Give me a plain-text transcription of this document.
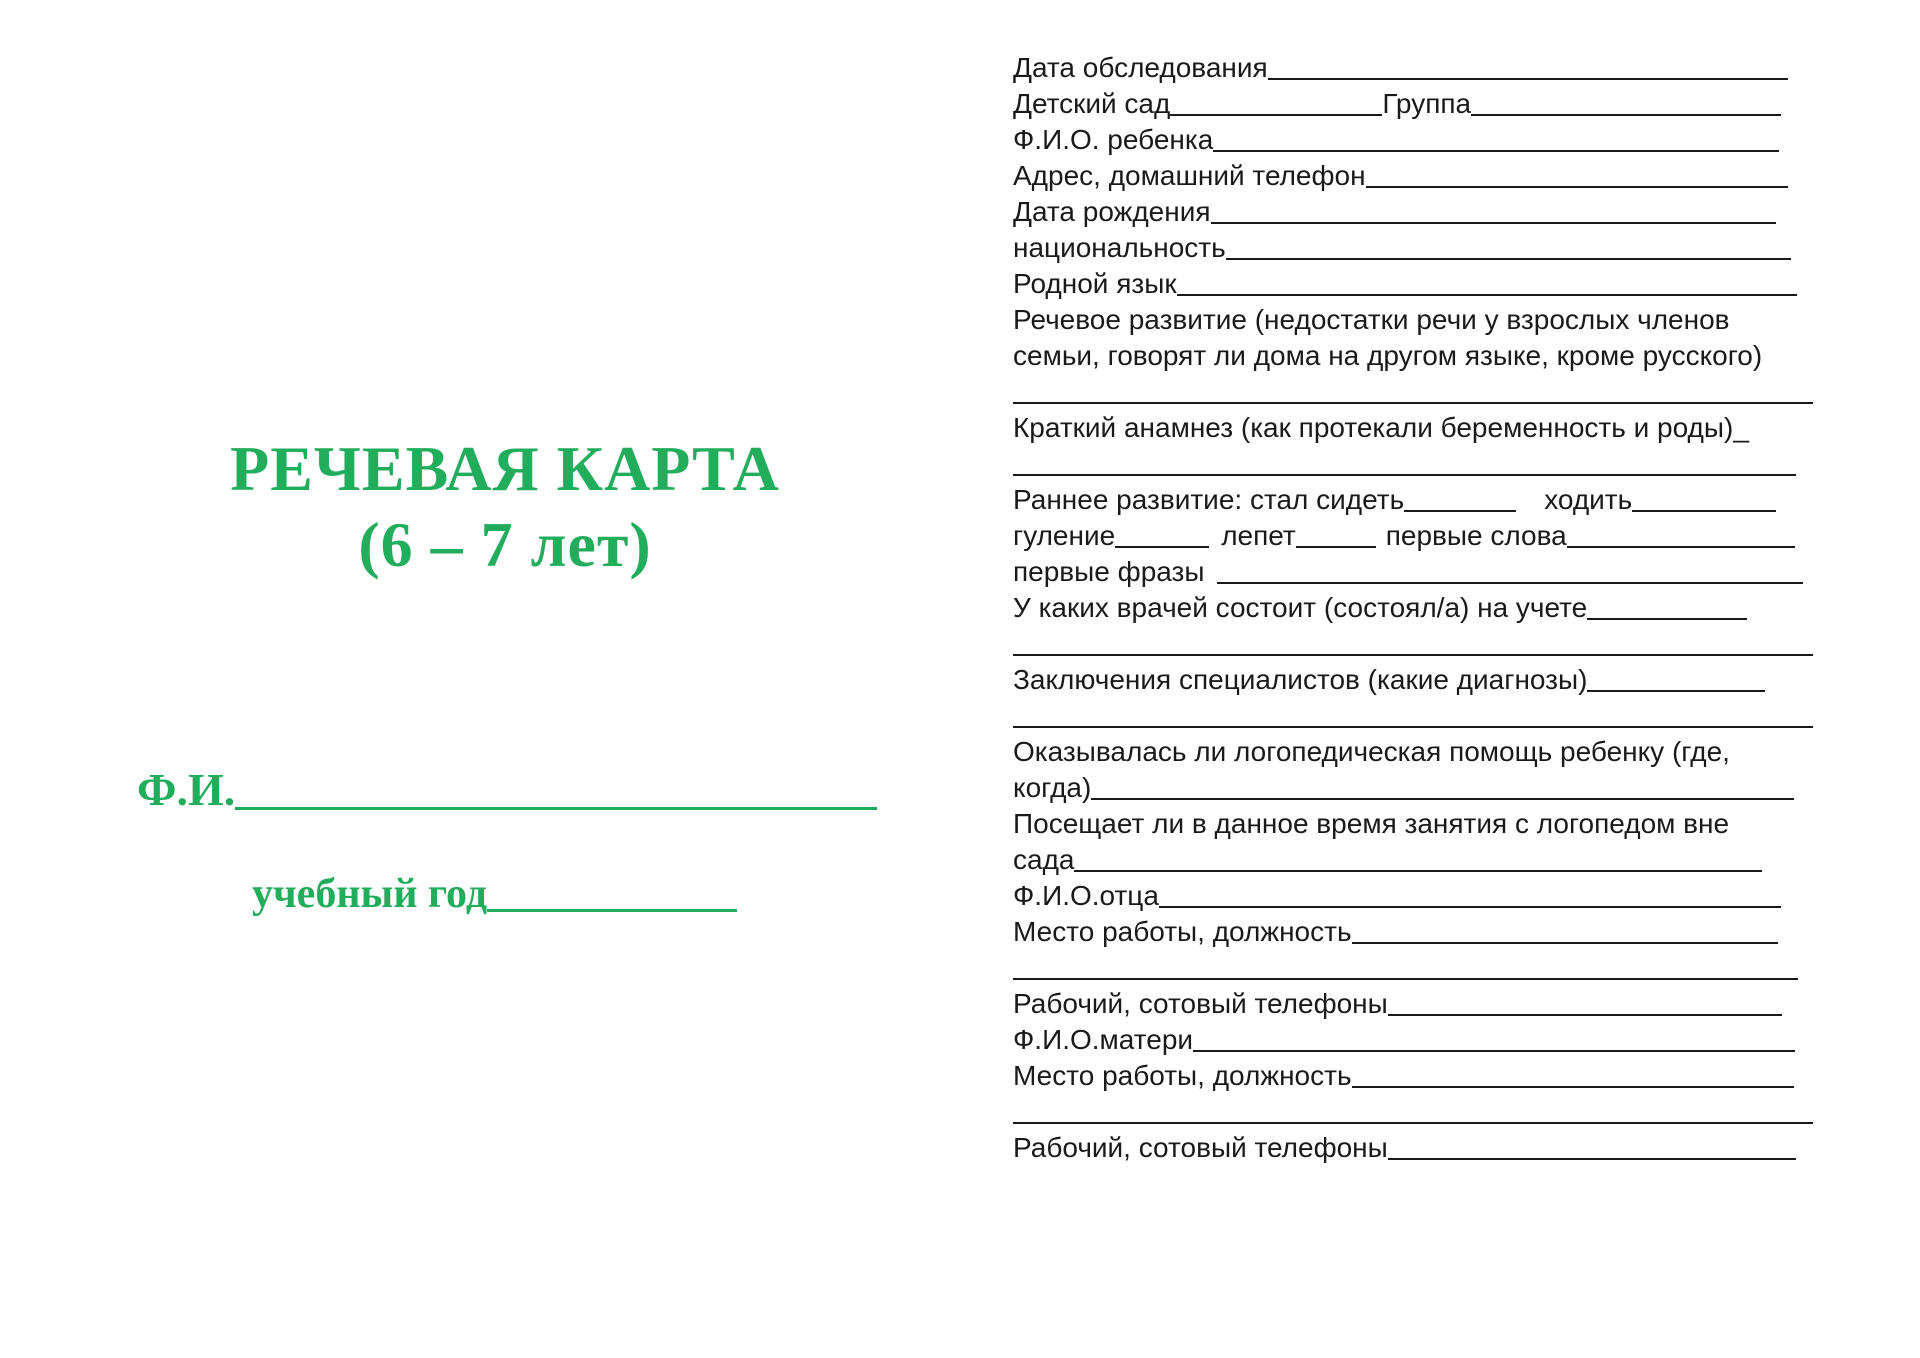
РЕЧЕВАЯ КАРТА
(6 – 7 лет)
Ф.И.
учебный год
Дата обследования
Детский сад	Группа
Ф.И.О. ребенка
Адрес, домашний телефон
Дата рождения
национальность
Родной язык
Речевое развитие (недостатки речи у взрослых членов
семьи, говорят ли дома на другом языке, кроме русского)
Краткий анамнез (как протекали беременность и роды)_
Раннее развитие: стал сидеть	ходить
гуление	лепет	первые слова
первые фразы
У каких врачей состоит (состоял/а) на учете
Заключения специалистов (какие диагнозы)
Оказывалась ли логопедическая помощь ребенку (где,
когда)
Посещает ли в данное время занятия с логопедом вне
сада
Ф.И.О.отца
Место работы, должность
Рабочий, сотовый телефоны
Ф.И.О.матери
Место работы, должность
Рабочий, сотовый телефоны
